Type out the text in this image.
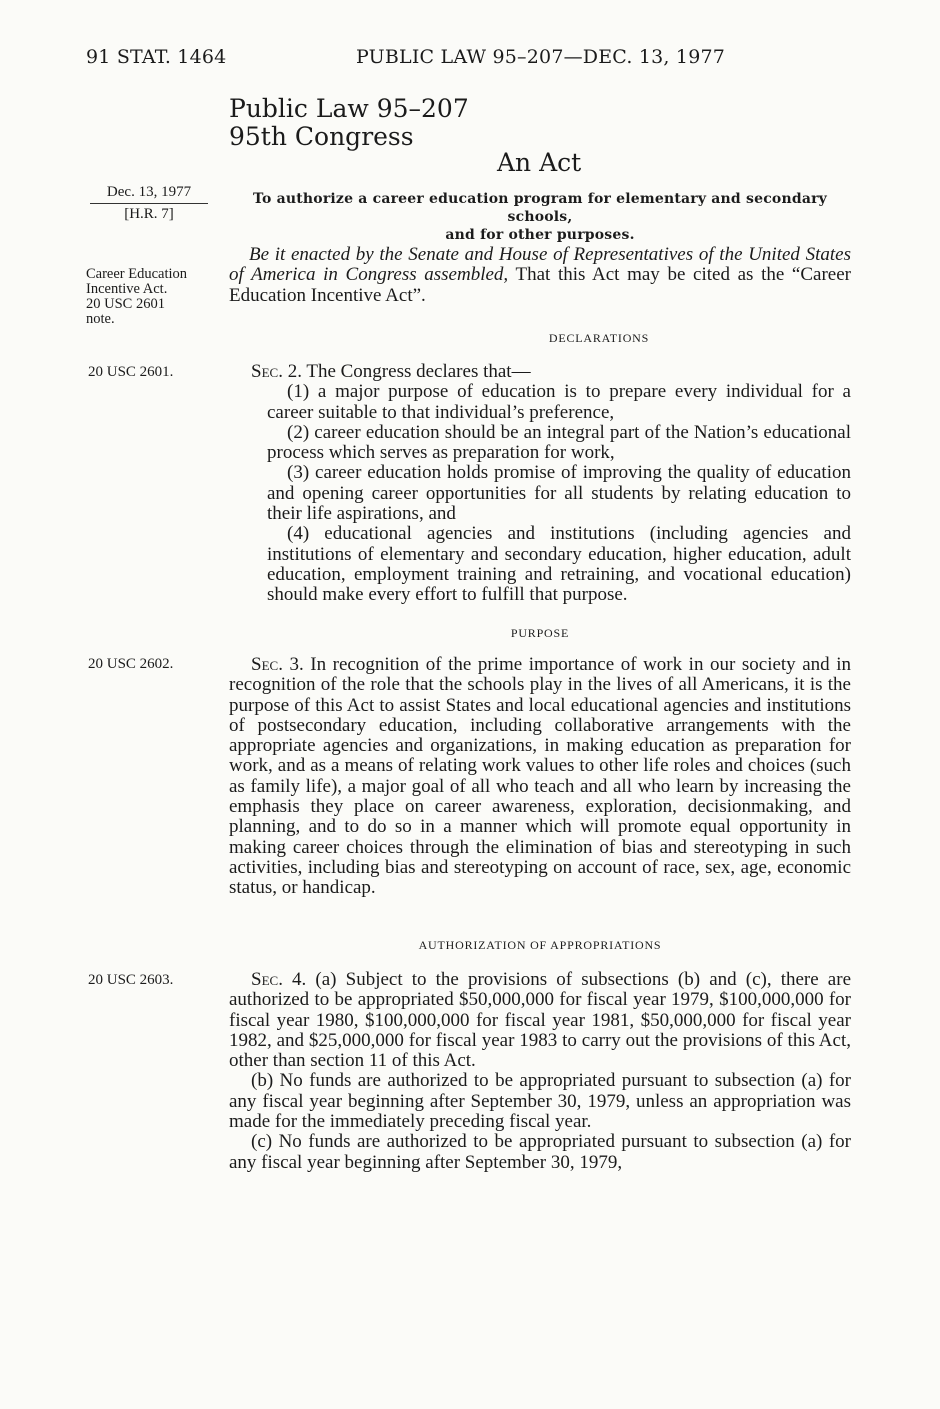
91 STAT. 1464	PUBLIC LAW 95–207—DEC. 13, 1977
Public Law 95–207
95th Congress
An Act
Dec. 13, 1977
[H.R. 7]
To authorize a career education program for elementary and secondary schools,
and for other purposes.
Career Education
Incentive Act.
20 USC 2601
note.

Be it enacted by the Senate and House of Representatives of the United States of America in Congress assembled, That this Act may be cited as the “Career Education Incentive Act”.

DECLARATIONS
20 USC 2601.	Sec. 2. The Congress declares that—

(1) a major purpose of education is to prepare every individual for a career suitable to that individual’s preference,

(2) career education should be an integral part of the Nation’s educational process which serves as preparation for work,

(3) career education holds promise of improving the quality of education and opening career opportunities for all students by relating education to their life aspirations, and

(4) educational agencies and institutions (including agencies and institutions of elementary and secondary education, higher education, adult education, employment training and retraining, and vocational education) should make every effort to fulfill that purpose.

PURPOSE
20 USC 2602.	Sec. 3. In recognition of the prime importance of work in our society and in recognition of the role that the schools play in the lives of all Americans, it is the purpose of this Act to assist States and local educational agencies and institutions of postsecondary education, including collaborative arrangements with the appropriate agencies and organizations, in making education as preparation for work, and as a means of relating work values to other life roles and choices (such as family life), a major goal of all who teach and all who learn by increasing the emphasis they place on career awareness, exploration, decisionmaking, and planning, and to do so in a manner which will promote equal opportunity in making career choices through the elimination of bias and stereotyping in such activities, including bias and stereotyping on account of race, sex, age, economic status, or handicap.

AUTHORIZATION OF APPROPRIATIONS
20 USC 2603.	Sec. 4. (a) Subject to the provisions of subsections (b) and (c), there are authorized to be appropriated $50,000,000 for fiscal year 1979, $100,000,000 for fiscal year 1980, $100,000,000 for fiscal year 1981, $50,000,000 for fiscal year 1982, and $25,000,000 for fiscal year 1983 to carry out the provisions of this Act, other than section 11 of this Act.

(b) No funds are authorized to be appropriated pursuant to subsection (a) for any fiscal year beginning after September 30, 1979, unless an appropriation was made for the immediately preceding fiscal year.

(c) No funds are authorized to be appropriated pursuant to subsection (a) for any fiscal year beginning after September 30, 1979,
